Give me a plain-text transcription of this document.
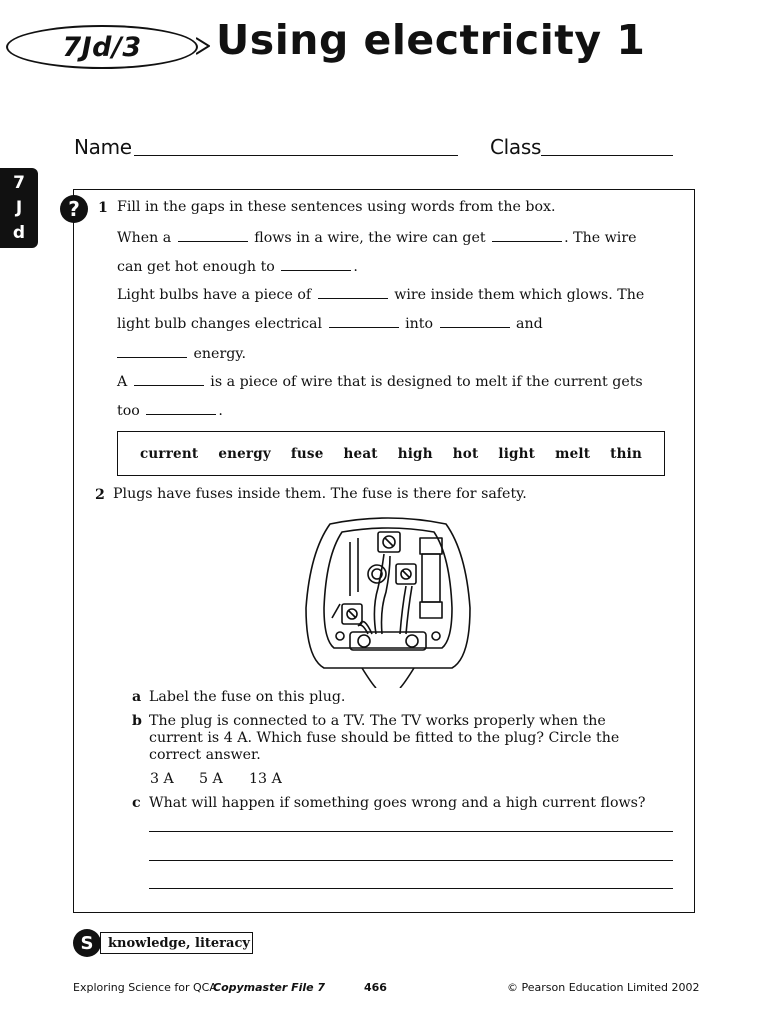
7Jd/3 Using electricity 1
Name	Class
7
J
d
?	1 Fill in the gaps in these sentences using words from the box.
When a	flows in a wire, the wire can get	. The wire
can get hot enough to	.
Light bulbs have a piece of	wire inside them which glows. The
light bulb changes electrical	into	and
energy.
A	is a piece of wire that is designed to melt if the current gets
too	.
current energy fuse heat high hot light melt thin
2 Plugs have fuses inside them. The fuse is there for safety.
a Label the fuse on this plug.
b The plug is connected to a TV. The TV works properly when the
current is 4 A. Which fuse should be fitted to the plug? Circle the
correct answer.
3 A 5 A 13 A
c What will happen if something goes wrong and a high current flows?
S	knowledge, literacy
Exploring Science for QCA
Copymaster File 7	466	© Pearson Education Limited 2002
